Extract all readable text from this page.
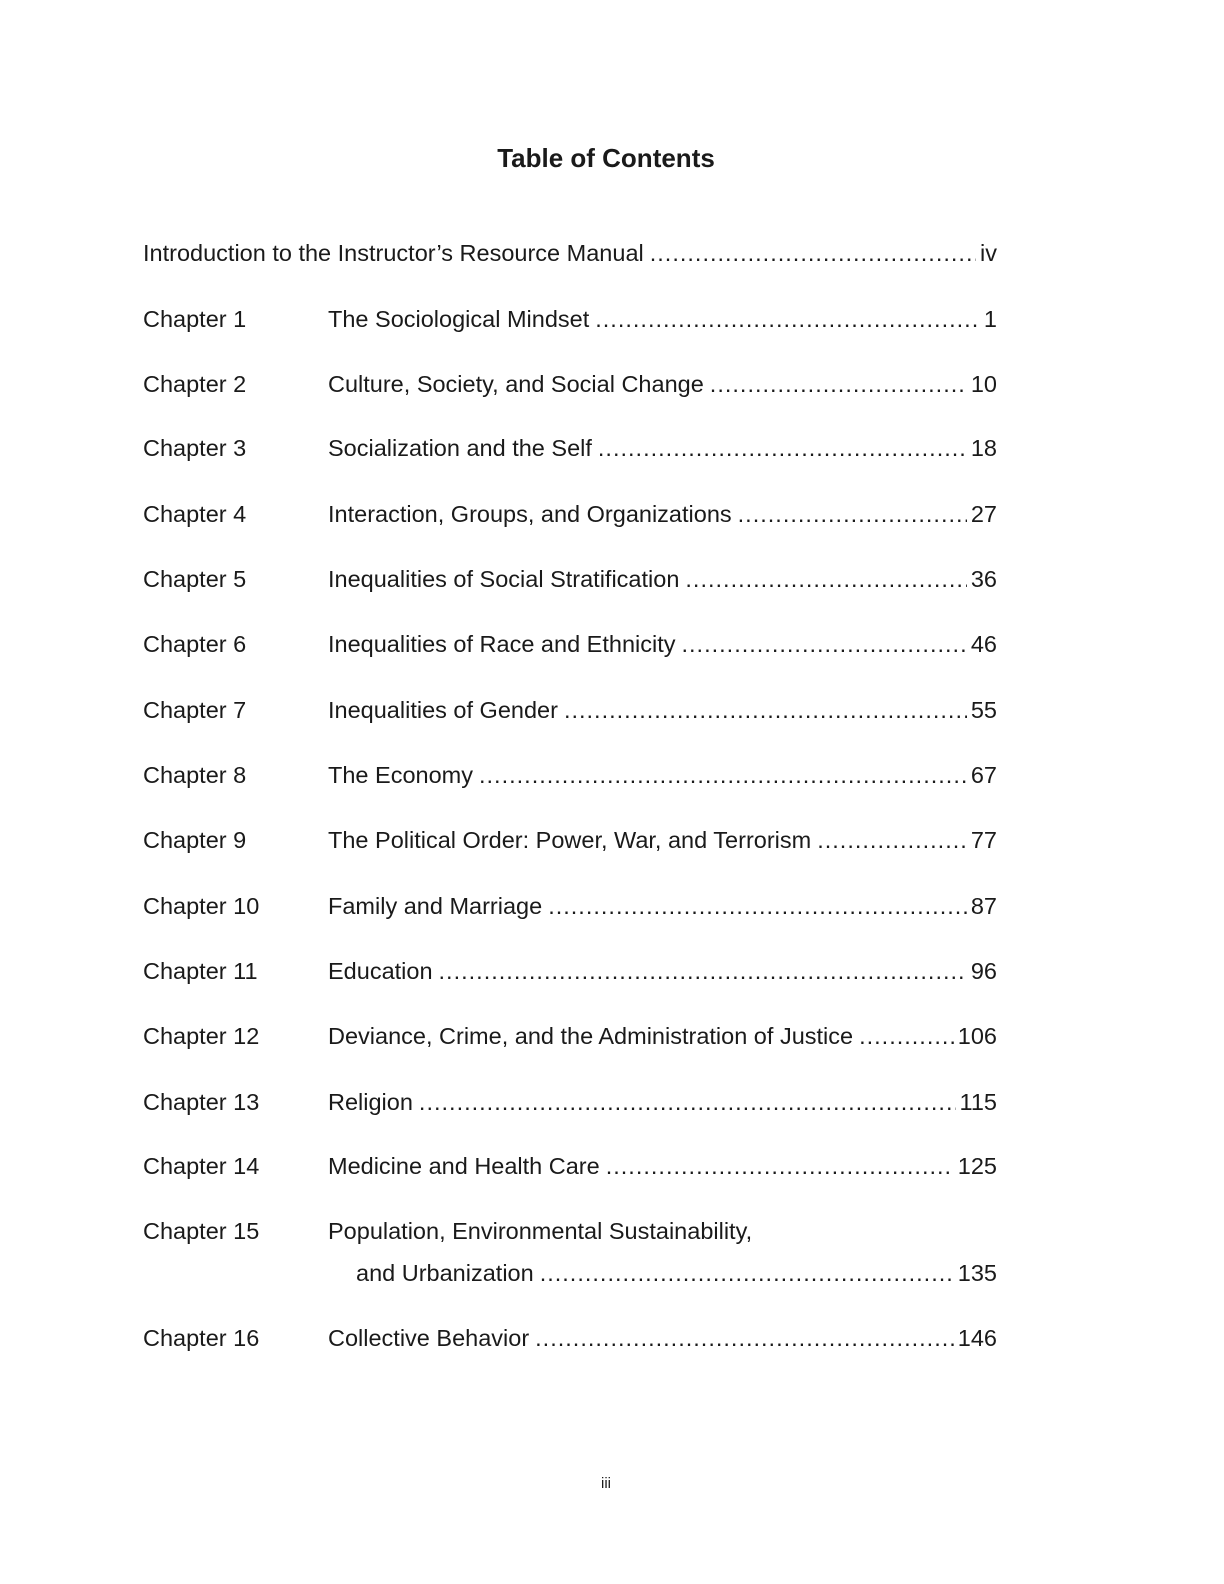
Table of Contents
Introduction to the Instructor’s Resource Manual .....	iv
Chapter 1	The Sociological Mindset .....	1
Chapter 2	Culture, Society, and Social Change .....	10
Chapter 3	Socialization and the Self .....	18
Chapter 4	Interaction, Groups, and Organizations .....	27
Chapter 5	Inequalities of Social Stratification .....	36
Chapter 6	Inequalities of Race and Ethnicity .....	46
Chapter 7	Inequalities of Gender .....	55
Chapter 8	The Economy .....	67
Chapter 9	The Political Order: Power, War, and Terrorism .....	77
Chapter 10	Family and Marriage .....	87
Chapter 11	Education .....	96
Chapter 12	Deviance, Crime, and the Administration of Justice .....	106
Chapter 13	Religion .....	115
Chapter 14	Medicine and Health Care .....	125
Chapter 15	Population, Environmental Sustainability,
and Urbanization .....	135
Chapter 16	Collective Behavior .....	146
iii
